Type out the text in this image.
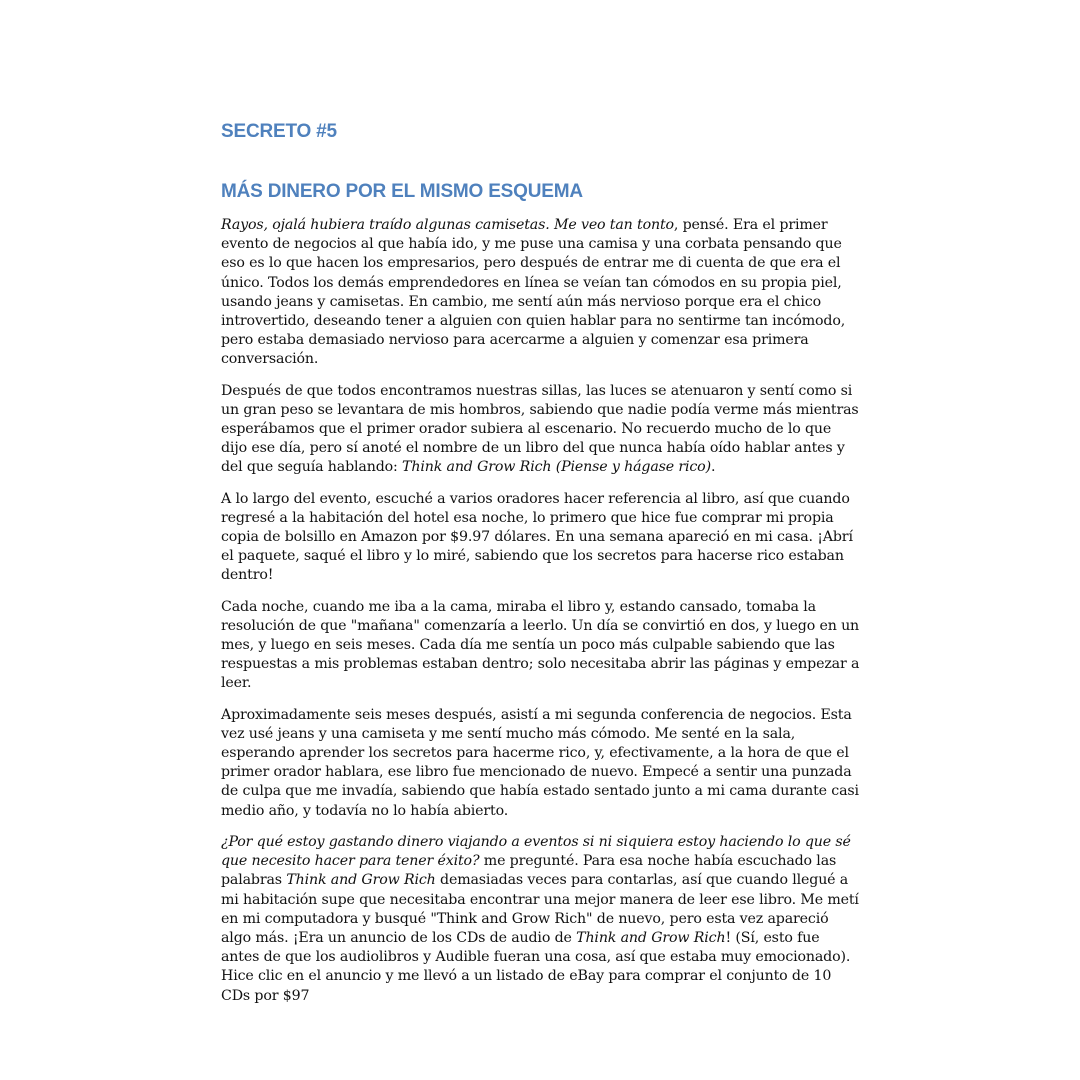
SECRETO #5
MÁS DINERO POR EL MISMO ESQUEMA

Rayos, ojalá hubiera traído algunas camisetas. Me veo tan tonto, pensé. Era el primer evento de negocios al que había ido, y me puse una camisa y una corbata pensando que eso es lo que hacen los empresarios, pero después de entrar me di cuenta de que era el único. Todos los demás emprendedores en línea se veían tan cómodos en su propia piel, usando jeans y camisetas. En cambio, me sentí aún más nervioso porque era el chico introvertido, deseando tener a alguien con quien hablar para no sentirme tan incómodo, pero estaba demasiado nervioso para acercarme a alguien y comenzar esa primera conversación.

Después de que todos encontramos nuestras sillas, las luces se atenuaron y sentí como si un gran peso se levantara de mis hombros, sabiendo que nadie podía verme más mientras esperábamos que el primer orador subiera al escenario. No recuerdo mucho de lo que dijo ese día, pero sí anoté el nombre de un libro del que nunca había oído hablar antes y del que seguía hablando: Think and Grow Rich (Piense y hágase rico).

A lo largo del evento, escuché a varios oradores hacer referencia al libro, así que cuando regresé a la habitación del hotel esa noche, lo primero que hice fue comprar mi propia copia de bolsillo en Amazon por $9.97 dólares. En una semana apareció en mi casa. ¡Abrí el paquete, saqué el libro y lo miré, sabiendo que los secretos para hacerse rico estaban dentro!

Cada noche, cuando me iba a la cama, miraba el libro y, estando cansado, tomaba la resolución de que "mañana" comenzaría a leerlo. Un día se convirtió en dos, y luego en un mes, y luego en seis meses. Cada día me sentía un poco más culpable sabiendo que las respuestas a mis problemas estaban dentro; solo necesitaba abrir las páginas y empezar a leer.

Aproximadamente seis meses después, asistí a mi segunda conferencia de negocios. Esta vez usé jeans y una camiseta y me sentí mucho más cómodo. Me senté en la sala, esperando aprender los secretos para hacerme rico, y, efectivamente, a la hora de que el primer orador hablara, ese libro fue mencionado de nuevo. Empecé a sentir una punzada de culpa que me invadía, sabiendo que había estado sentado junto a mi cama durante casi medio año, y todavía no lo había abierto.

¿Por qué estoy gastando dinero viajando a eventos si ni siquiera estoy haciendo lo que sé que necesito hacer para tener éxito? me pregunté. Para esa noche había escuchado las palabras Think and Grow Rich demasiadas veces para contarlas, así que cuando llegué a mi habitación supe que necesitaba encontrar una mejor manera de leer ese libro. Me metí en mi computadora y busqué "Think and Grow Rich" de nuevo, pero esta vez apareció algo más. ¡Era un anuncio de los CDs de audio de Think and Grow Rich! (Sí, esto fue antes de que los audiolibros y Audible fueran una cosa, así que estaba muy emocionado). Hice clic en el anuncio y me llevó a un listado de eBay para comprar el conjunto de 10 CDs por $97
